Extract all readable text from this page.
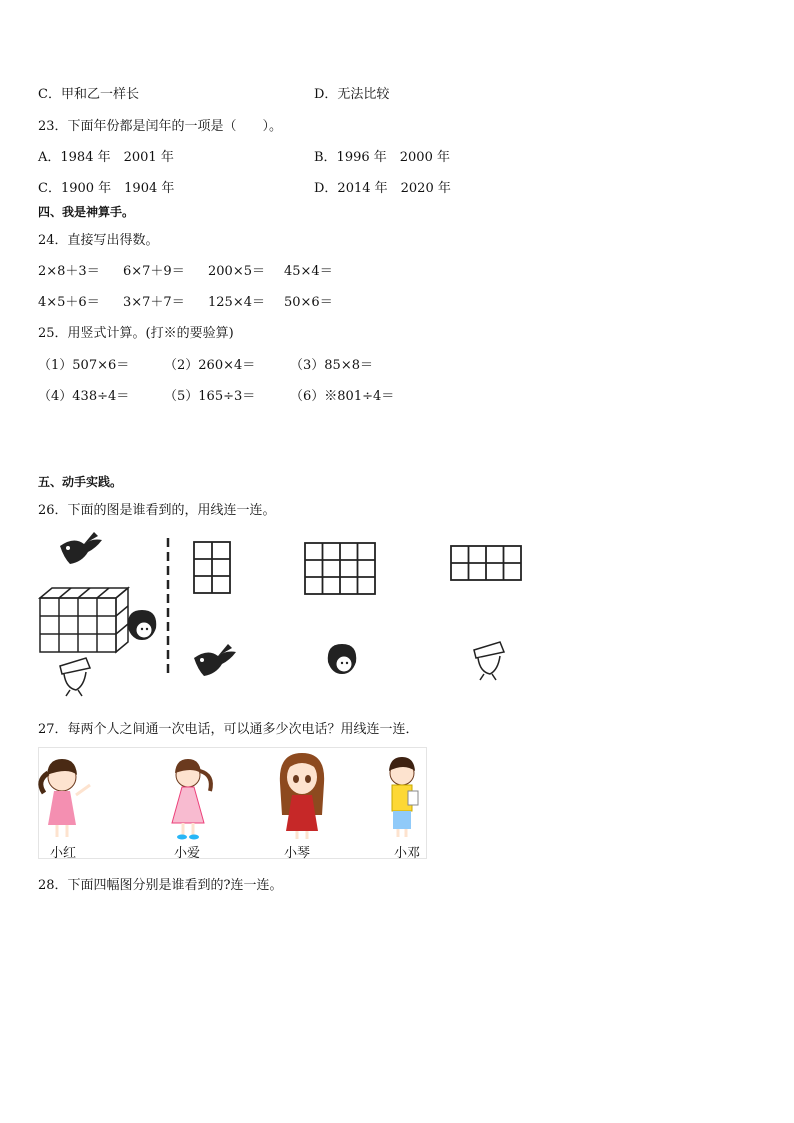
C．甲和乙一样长	D．无法比较
23．下面年份都是闰年的一项是（　　）。
A．1984 年　2001 年	B．1996 年　2000 年
C．1900 年　1904 年	D．2014 年　2020 年
四、我是神算手。
24．直接写出得数。
2×8＋3＝ 6×7＋9＝ 200×5＝ 45×4＝
4×5＋6＝ 3×7＋7＝ 125×4＝ 50×6＝
25．用竖式计算。(打※的要验算)
（1）507×6＝	（2）260×4＝	（3）85×8＝
（4）438÷4＝	（5）165÷3＝	（6）※801÷4＝
五、动手实践。
26．下面的图是谁看到的，用线连一连。
27．每两个人之间通一次电话，可以通多少次电话？用线连一连．
小红	小爱	小琴	小邓
28．下面四幅图分别是谁看到的?连一连。
